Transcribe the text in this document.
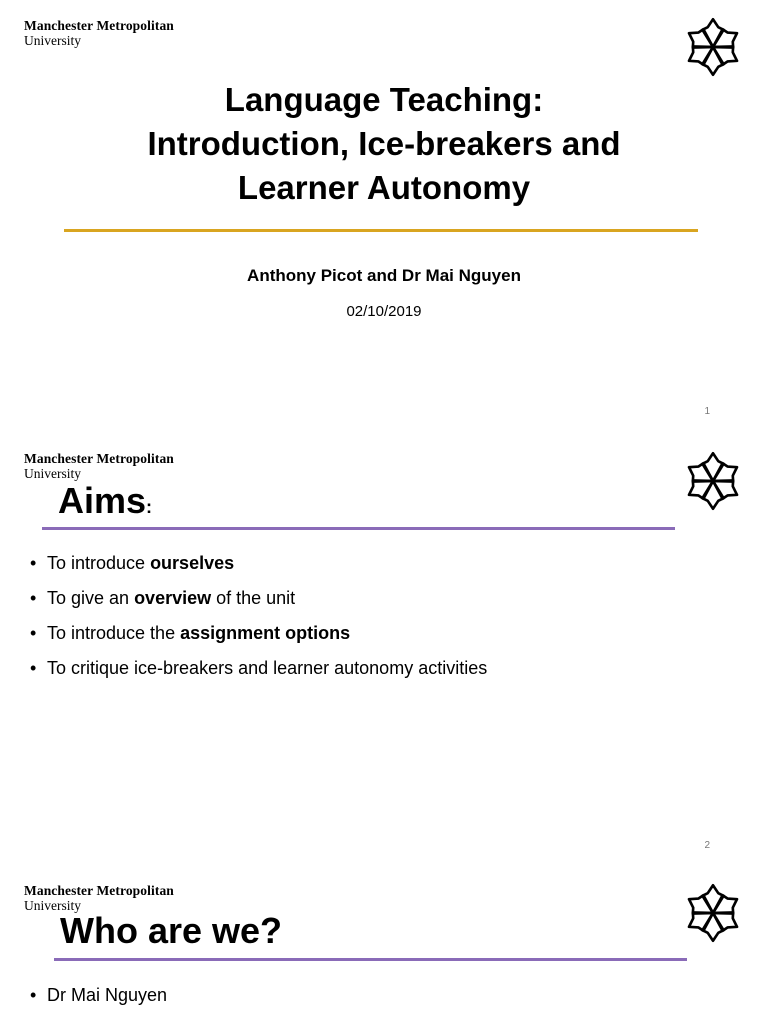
Manchester Metropolitan
University
Language Teaching:
Introduction, Ice-breakers and
Learner Autonomy
Anthony Picot and Dr Mai Nguyen
02/10/2019
1
Manchester Metropolitan
University
Aims:
• To introduce ourselves
• To give an overview of the unit
• To introduce the assignment options
• To critique ice-breakers and learner autonomy activities
2
Manchester Metropolitan
University
Who are we?
• Dr Mai Nguyen
